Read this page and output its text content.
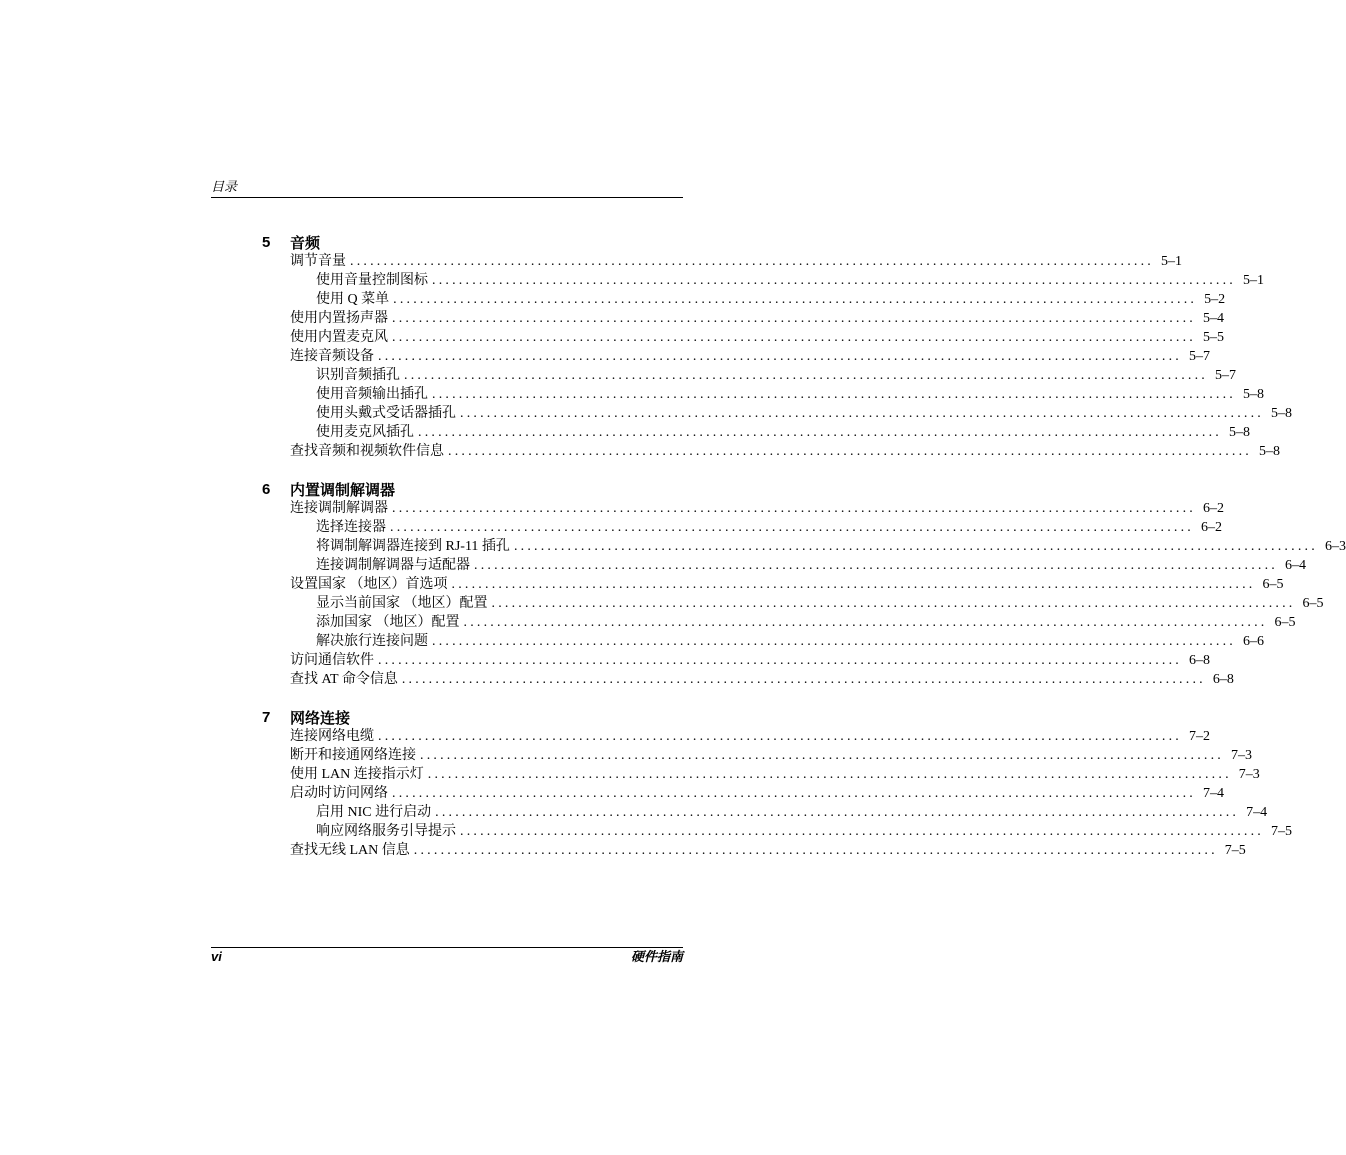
目录
5	音频
调节音量 ........................................................................................................................ 5–1
使用音量控制图标 ........................................................................................................................ 5–1
使用 Q 菜单 ........................................................................................................................ 5–2
使用内置扬声器 ........................................................................................................................ 5–4
使用内置麦克风 ........................................................................................................................ 5–5
连接音频设备 ........................................................................................................................ 5–7
识别音频插孔 ........................................................................................................................ 5–7
使用音频输出插孔 ........................................................................................................................ 5–8
使用头戴式受话器插孔 ........................................................................................................................ 5–8
使用麦克风插孔 ........................................................................................................................ 5–8
查找音频和视频软件信息 ........................................................................................................................ 5–8
6	内置调制解调器
连接调制解调器 ........................................................................................................................ 6–2
选择连接器 ........................................................................................................................ 6–2
将调制解调器连接到 RJ-11 插孔 ........................................................................................................................ 6–3
连接调制解调器与适配器 ........................................................................................................................ 6–4
设置国家 （地区）首选项 ........................................................................................................................ 6–5
显示当前国家 （地区）配置 ........................................................................................................................ 6–5
添加国家 （地区）配置 ........................................................................................................................ 6–5
解决旅行连接问题 ........................................................................................................................ 6–6
访问通信软件 ........................................................................................................................ 6–8
查找 AT 命令信息 ........................................................................................................................ 6–8
7	网络连接
连接网络电缆 ........................................................................................................................ 7–2
断开和接通网络连接 ........................................................................................................................ 7–3
使用 LAN 连接指示灯 ........................................................................................................................ 7–3
启动时访问网络 ........................................................................................................................ 7–4
启用 NIC 进行启动 ........................................................................................................................ 7–4
响应网络服务引导提示 ........................................................................................................................ 7–5
查找无线 LAN 信息 ........................................................................................................................ 7–5
vi	硬件指南
